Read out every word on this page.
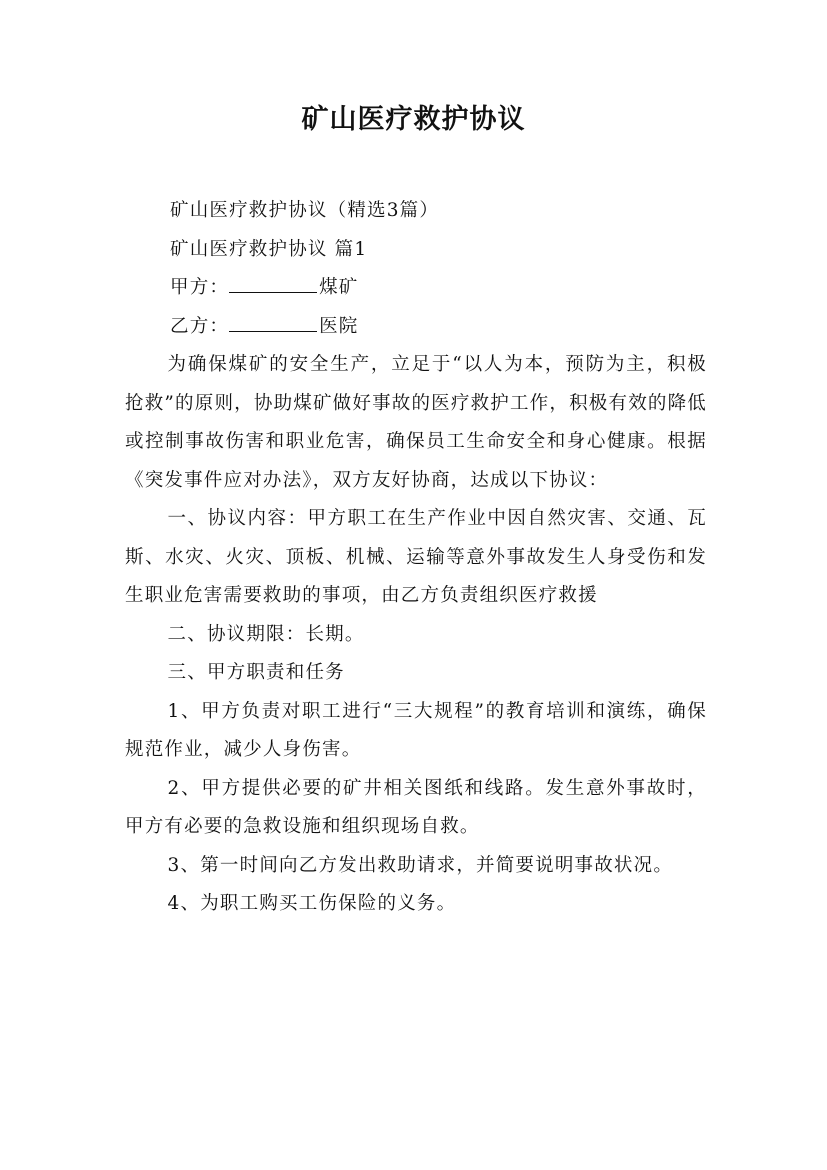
矿山医疗救护协议

矿山医疗救护协议（精选3篇）

矿山医疗救护协议 篇1

甲方：	煤矿

乙方：	医院

为确保煤矿的安全生产，立足于“以人为本，预防为主，积极抢救”的原则，协助煤矿做好事故的医疗救护工作，积极有效的降低或控制事故伤害和职业危害，确保员工生命安全和身心健康。根据《突发事件应对办法》，双方友好协商，达成以下协议：

一、协议内容：甲方职工在生产作业中因自然灾害、交通、瓦斯、水灾、火灾、顶板、机械、运输等意外事故发生人身受伤和发生职业危害需要救助的事项，由乙方负责组织医疗救援

二、协议期限：长期。

三、甲方职责和任务

1、甲方负责对职工进行“三大规程”的教育培训和演练，确保规范作业，减少人身伤害。

2、甲方提供必要的矿井相关图纸和线路。发生意外事故时，甲方有必要的急救设施和组织现场自救。

3、第一时间向乙方发出救助请求，并简要说明事故状况。

4、为职工购买工伤保险的义务。
